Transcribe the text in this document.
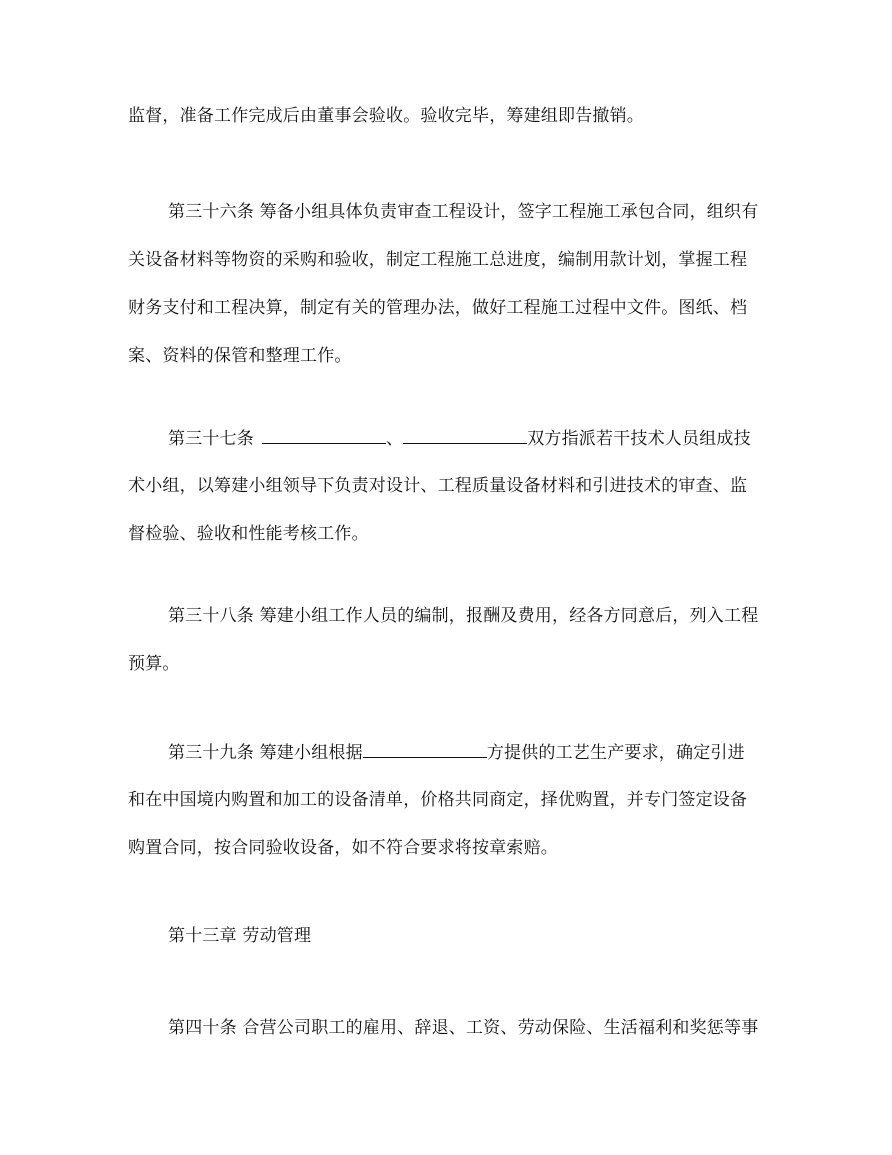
监督，准备工作完成后由董事会验收。验收完毕，筹建组即告撤销。
第三十六条 筹备小组具体负责审查工程设计，签字工程施工承包合同，组织有
关设备材料等物资的采购和验收，制定工程施工总进度，编制用款计划，掌握工程
财务支付和工程决算，制定有关的管理办法，做好工程施工过程中文件。图纸、档
案、资料的保管和整理工作。
第三十七条	、	双方指派若干技术人员组成技
术小组，以筹建小组领导下负责对设计、工程质量设备材料和引进技术的审查、监
督检验、验收和性能考核工作。
第三十八条 筹建小组工作人员的编制，报酬及费用，经各方同意后，列入工程
预算。
第三十九条 筹建小组根据	方提供的工艺生产要求，确定引进
和在中国境内购置和加工的设备清单，价格共同商定，择优购置，并专门签定设备
购置合同，按合同验收设备，如不符合要求将按章索赔。
第十三章 劳动管理
第四十条 合营公司职工的雇用、辞退、工资、劳动保险、生活福利和奖惩等事
